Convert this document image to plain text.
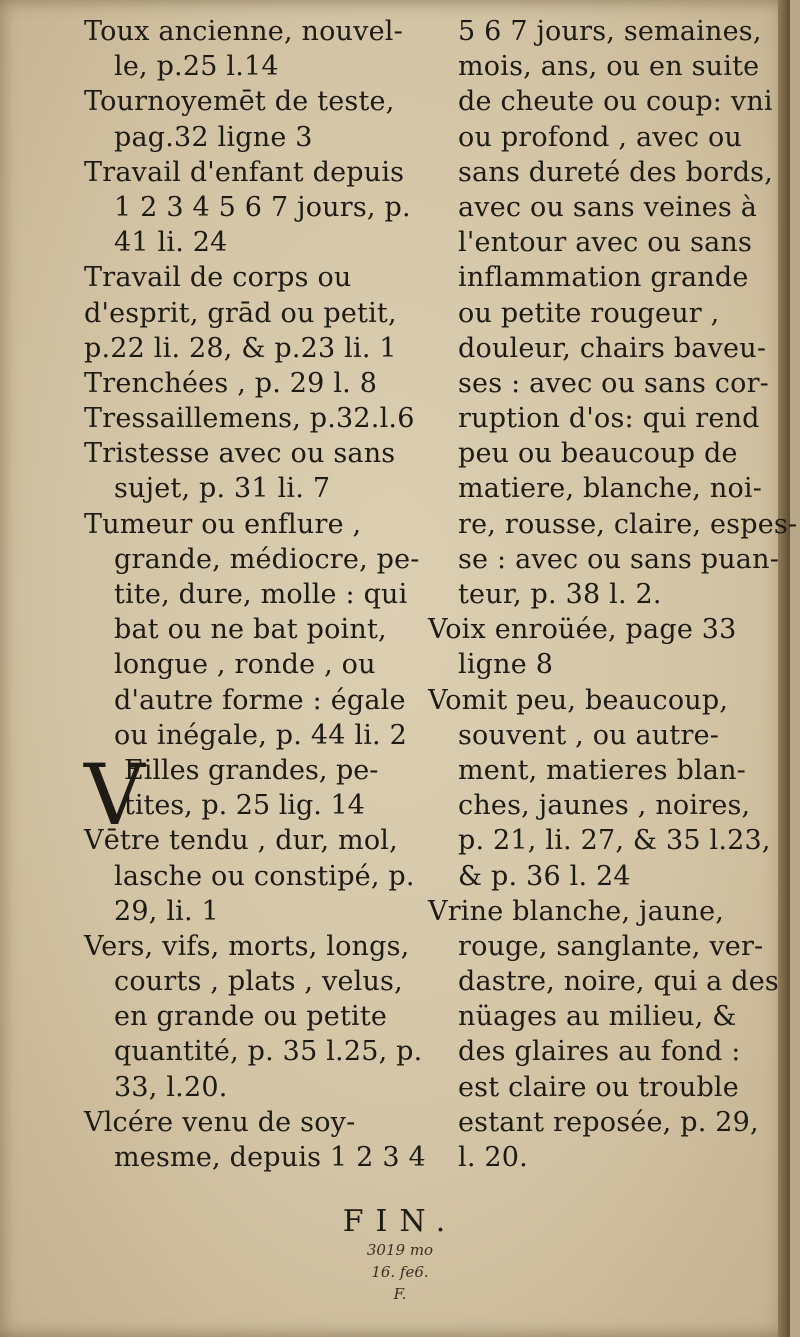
Toux ancienne, nouvel-
le, p.25 l.14
Tournoyemēt de teste,
pag.32 ligne 3
Travail d'enfant depuis
1 2 3 4 5 6 7 jours, p.
41 li. 24
Travail de corps ou
d'esprit, grād ou petit,
p.22 li. 28, & p.23 li. 1
Trenchées , p. 29 l. 8
Tressaillemens, p.32.l.6
Tristesse avec ou sans
sujet, p. 31 li. 7
Tumeur ou enflure ,
grande, médiocre, pe-
tite, dure, molle : qui
bat ou ne bat point,
longue , ronde , ou
d'autre forme : égale
ou inégale, p. 44 li. 2
V
Eilles grandes, pe-
tites, p. 25 lig. 14
Vētre tendu , dur, mol,
lasche ou constipé, p.
29, li. 1
Vers, vifs, morts, longs,
courts , plats , velus,
en grande ou petite
quantité, p. 35 l.25, p.
33, l.20.
Vlcére venu de soy-
mesme, depuis 1 2 3 4
5 6 7 jours, semaines,
mois, ans, ou en suite
de cheute ou coup: vni
ou profond , avec ou
sans dureté des bords,
avec ou sans veines à
l'entour avec ou sans
inflammation grande
ou petite rougeur ,
douleur, chairs baveu-
ses : avec ou sans cor-
ruption d'os: qui rend
peu ou beaucoup de
matiere, blanche, noi-
re, rousse, claire, espes-
se : avec ou sans puan-
teur, p. 38 l. 2.
Voix enroüée, page 33
ligne 8
Vomit peu, beaucoup,
souvent , ou autre-
ment, matieres blan-
ches, jaunes , noires,
p. 21, li. 27, & 35 l.23,
& p. 36 l. 24
Vrine blanche, jaune,
rouge, sanglante, ver-
dastre, noire, qui a des
nüages au milieu, &
des glaires au fond :
est claire ou trouble
estant reposée, p. 29,
l. 20.
FIN.
3019 mo
16. fe6.
F.
